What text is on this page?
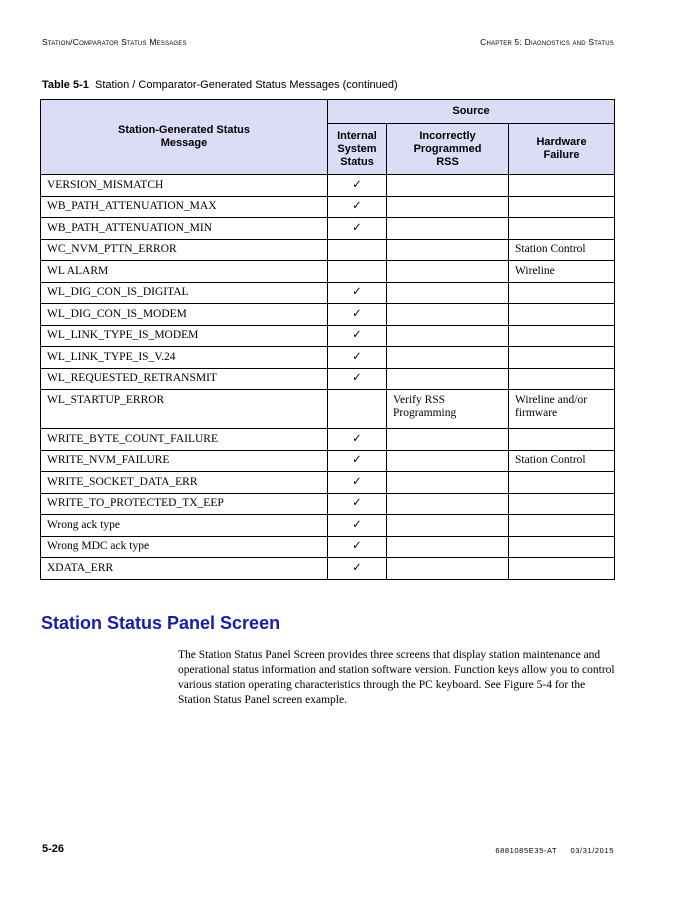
Station/Comparator Status Messages	Chapter 5: Diagnostics and Status
Table 5-1 Station / Comparator-Generated Status Messages (continued)
Station-Generated Status Message	Source		

	Internal System Status	Incorrectly Programmed RSS	Hardware Failure

VERSION_MISMATCH	✓		
WB_PATH_ATTENUATION_MAX	✓		
WB_PATH_ATTENUATION_MIN	✓		
WC_NVM_PTTN_ERROR			Station Control
WL ALARM			Wireline
WL_DIG_CON_IS_DIGITAL	✓		
WL_DIG_CON_IS_MODEM	✓		
WL_LINK_TYPE_IS_MODEM	✓		
WL_LINK_TYPE_IS_V.24	✓		
WL_REQUESTED_RETRANSMIT	✓		
WL_STARTUP_ERROR		Verify RSS Programming	Wireline and/or firmware
WRITE_BYTE_COUNT_FAILURE	✓		
WRITE_NVM_FAILURE	✓		Station Control
WRITE_SOCKET_DATA_ERR	✓		
WRITE_TO_PROTECTED_TX_EEP	✓		
Wrong ack type	✓		
Wrong MDC ack type	✓		
XDATA_ERR	✓		
Station Status Panel Screen
The Station Status Panel Screen provides three screens that display station maintenance and operational status information and station software version. Function keys allow you to control various station operating characteristics through the PC keyboard. See Figure 5-4 for the Station Status Panel screen example.
5-26	6881085E35-AT     03/31/2015
